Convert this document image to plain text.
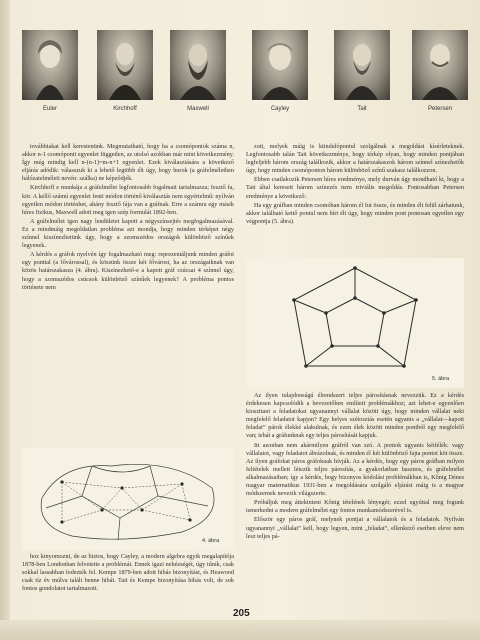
Euler	Kirchhoff	Maxwell	Cayley	Tait	Petersen

továbbiakat kell kerestenünk. Megmutatható, hogy ha a csomópontok száma n, akkor n-1 csomóponti egyenlet független, az utolsó azokban már mint következmény. Így még mindig kell n-(n-1)=m-n+1 egyenlet. Ezek kiválasztására a következő eljárás adódik: válasszuk ki a lehető legtöbb élt úgy, hogy hurok (a gráfelméletben hálózatelméleti nevén: szálka) ne képződjék.

Kirchhoff e munkája a gráfelmélet legfontosabb fogalmait tartalmazza; fesztő fa, kör. A kellő számú egyenlet fenti módon történő kiválasztás nem egyértelmű: nyílván egyetlen módon történhet, ahány fesztő fája van a gráfnak. Erre a számra egy másik híres fizikus, Maxwell adott meg igen szép formulát 1892-ben.

A gráfelmélet igen nagy lendületet kapott a négyszínsejtés megfogalmazásával. Ez a mindmáig megoldatlan probléma azt mondja, hogy minden térképet négy színnel kiszínezhetünk úgy, hogy a szomszédos országok különböző színűek legyenek.

A kérdés a gráfok nyelvén így fogalmazható meg: reprezentáljunk minden gráfot egy ponttal (a fővárossal), és kössünk össze két fővárost, ha az országaiknak van közös határszakasza (4. ábra). Kiszínezhető-e a kapott gráf csúcsai 4 színnel úgy, hogy a szomszédos csúcsok különböző színűek legyenek? A probléma pontos története nem

4. ábra

hoz kinyomozni, de az biztos, hogy Cayley, a modern algebra egyik megalapítója 1878-ben Londonban felvetette a problémát. Ennek igazi nehézségét, úgy tűnik, csak sokkal lassabban fedezték fel. Kempe 1879-ben adott hibás bizonyítást, és Heawood csak tíz év múlva talált benne hibát. Tait és Kempe bizonyítása hibás volt, de sok fontos gondolatot tartalmazott.

zott, melyek máig is kiindulópontul szolgálnak a megoldási kísérleteknek. Legfontosabb talán Tait következménye, hogy térkép olyan, hogy minden pontjában legfeljebb három ország találkozik, akkor a határszakaszok három színnel színezhetők úgy, hogy minden csomóponton három különböző színű szakasz találkozzon.

Ebben csatlakozik Petersen híres eredménye, mely durván úgy mondható ki, hogy a Tait által keresett három színezés nem triviális megoldás. Fontosabban Petersen eredménye a következő:

Ha egy gráfban minden csomóban három él fut össze, és minden élt felül zárhatunk, akkor található kettő pontul nem bírt élt úgy, hogy minden pont pontosan egyetlen egy végpontja (5. ábra).

5. ábra

Az ilyen tulajdonságú élrendszert teljes párosításnak nevezzük. Ez a kérdés érdekesen kapcsolódik a bevezetőben említett problémákhoz; azt lehet-e egyenlően kioszttani a feladatokat ugyanannyi vállalat között úgy, hogy minden vállalat neki megfelelő feladatot kapjon? Egy helyes szétosztás esetén ugyanis a „vállalat—kapott feladat” párok élekké alakulnak, és ezen élek között minden pontból egy megfelelő van; tehát a gráfunknak egy teljes párosítását kapjuk.

Itt azonban nem akármilyen gráfról van szó. A pontok ugyanis kétfélék: vagy vállalatot, vagy feladatot ábrázolnak, és minden él két különböző fajta pontot köt össze. Az ilyen gráfokat páros gráfoknak hívják. Az a kérdés, hogy egy páros gráfban milyen feltételek mellett létezik teljes párosítás, a gyakorlatban hasznos, és gráfelmélet alkalmazásaiban; így a kérdés, hogy bizonyos kódolási problémákban is, Kőnig Dénes magyar matematikus 1931-ben a megoldására szolgáló eljárást máig is a magyar módszernek nevezik világszerte.

Próbáljuk meg áttekinteni Kőnig tételének lényegét; ezzel egyúttal meg fogunk ismerkedni a modern gráfelmélet egy fontos munkamódszerével is.

Először egy páros gráf, melynek pontjai a vállalatok és a feladatok. Nyilván ugyanannyi „vállalat” kell, hogy legyen, mint „feladat”, ellenkező esetben eleve nem lesz teljes pá-

205
